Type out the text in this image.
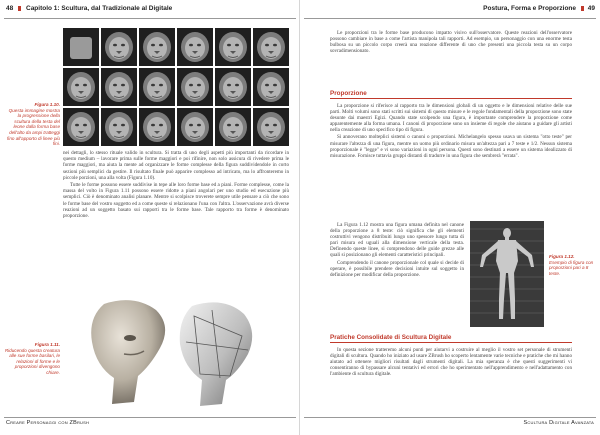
48 Capitolo 1: Scultura, dal Tradizionale al Digitale
Figura 1.10.
Questa immagine mostra la progressione della scultura della testa del leone dalla forma base dell'alto da ampi tratteggi fino all'apporto di linee più fini.

nei dettagli, lo stesso rituale valido in scultura. Si tratta di uno degli aspetti più importanti da ricordare in questo medium – lavorare prima sulle forme maggiori e poi rifinire, non solo assicura di rivedere prima le forme maggiori, ma aiuta la mente ad organizzare le forme complesse della figura suddividendole in corto sezioni più semplici da gestire. Il risultato finale può apparire complesso ad intricato, ma lo affronteremo in piccole porzioni, una alla volta (Figura 1.10).

Tutte le forme possono essere suddivise in tepe alle loro forme base ed a piani. Forme complesse, come la massa del volto in Figura 1.11 possono essere ridotte a piani angolari per uno studio ed esecuzione più semplici. Ciò è denominato analisi planare. Mentre si scolpisce troverete sempre utile pensare a ciò che sono le forme base del vostro soggetto ed a come queste si relazionano l'una con l'altra. L'osservazione avrà diverse reazioni ad un soggetto basato sui rapporti tra le forme base. Tale rapporto tra forme è denominato proporzione.

Figura 1.11.
Riducendo questa creatura alle sue forme basilari, le relazioni di forme e le proporzioni divengono chiare.
Creare Personaggi con ZBrush
Postura, Forma e Proporzione 49

Le proporzioni tra le forme base producono impatto visivo sull'osservatore. Queste reazioni dell'osservatore possono cambiare in base a come l'artista manipola tali rapporti. Ad esempio, un personaggio con una enorme testa bulbosa su un piccolo corpo creerà una reazione differente di uno che presenti una piccola testa su un corpo sovradimensionato.

Proporzione

La proporzione si riferisce al rapporto tra le dimensioni globali di un oggetto e le dimensioni relative delle sue parti. Molti volumi sono stati scritti sui sistemi di questo misure e le regole fondamentali della proporzione sono state desunte dai maestri Egizi. Quando state scolpendo una figura, è importante comprendere la proporzione come apparentemente alla forma umana. I canoni di proporzione sono un insieme di regole che aiutano a guidare gli artisti nella creazione di uno specifico tipo di figura.

Si annoverano molteplici sistemi o canoni o proporzioni. Michelangelo spesso usava un sistema "otto teste" per misurare l'altezza di una figura, mentre un uomo più ordinario misura un'altezza pari a 7 teste e 1/2. Nessun sistema proporzionale è "legge" e vi sono variazioni in ogni persona. Questi sono destinati a essere un sistema idealizzato di misurazione. Fornisce tuttavia gruppi distanti di tradurre in una figura che sembrerà "errata".

La Figura 1.12 mostra una figura umana definita nel canone della proporzione a 8 teste: ciò significa che gli elementi costruttivi vengono distribuiti lungo uno spessore lungo tutta di pari misura ed uguali alla dimensione verticale della testa. Definendo queste linee, si comprendono delle guide grezze alle quali si posizionano gli elementi caratteristici principali.

Comprendendo il canone proporzionale col quale si decide di operare, è possibile prendere decisioni intuite sul soggetto in definizione per modificar della proporzione.

Pratiche Consolidate di Scultura Digitale

In questa sezione tratteremo alcuni punti per aiutarvi a costruire al meglio il vostro set personale di strumenti digitali di scultura. Quando ho iniziato ad usare ZBrush ho scoperto lentamente varie tecniche e pratiche che mi hanno aiutato ad ottenere migliori risultati dagli strumenti digitali. La mia speranza è che questi suggerimenti vi consentiranno di bypassare alcuni tentativi ed errori che ho sperimentato nell'apprendimento e nell'adattamento con l'ambiente di scultura digitale.

Scultura Digitale Avanzata
Figura 1.12.
Esempio di figura con proporzioni pari a 8 teste.
